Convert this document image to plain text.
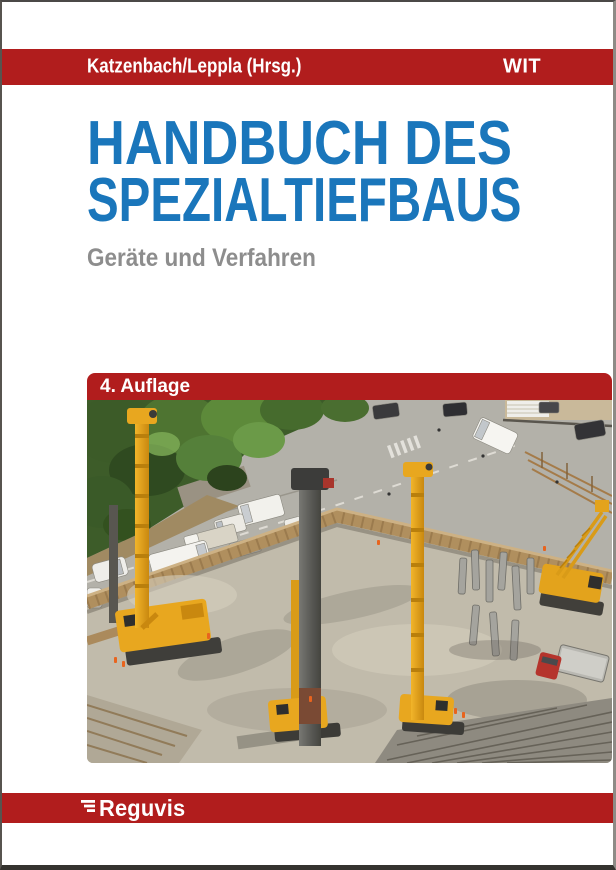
Katzenbach/Leppla (Hrsg.)	WIT
HANDBUCH DES
SPEZIALTIEFBAUS
Geräte und Verfahren
4. Auflage
Reguvis
